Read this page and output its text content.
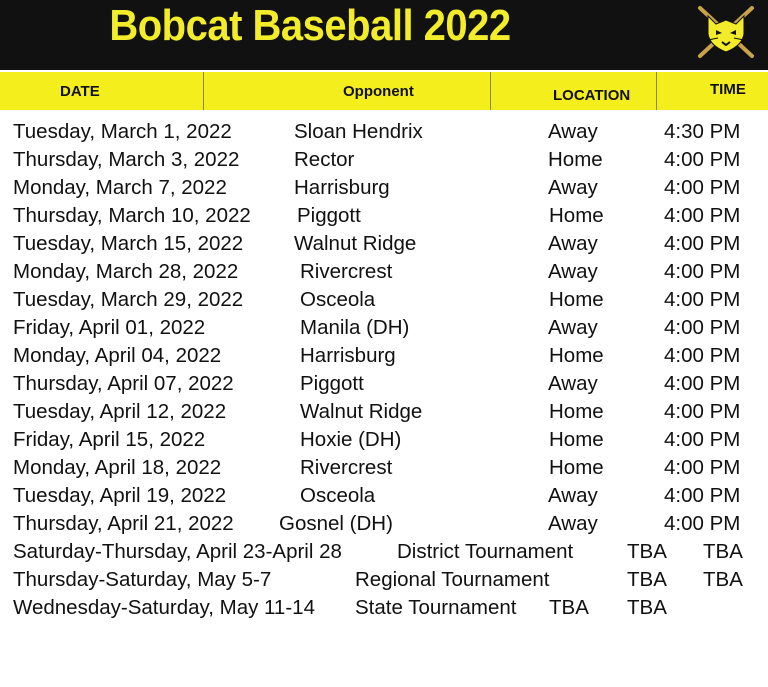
Bobcat Baseball 2022
DATE	Opponent	LOCATION	TIME
Tuesday, March 1, 2022	Sloan Hendrix	Away	4:30 PM
Thursday, March 3, 2022	Rector	Home	4:00 PM
Monday, March 7, 2022	Harrisburg	Away	4:00 PM
Thursday, March 10, 2022 Piggott	Home	4:00 PM
Tuesday, March 15, 2022 Walnut Ridge	Away	4:00 PM
Monday, March 28, 2022	Rivercrest	Away	4:00 PM
Tuesday, March 29, 2022	Osceola	Home	4:00 PM
Friday, April 01, 2022	Manila (DH)	Away	4:00 PM
Monday, April 04, 2022	Harrisburg	Home	4:00 PM
Thursday, April 07, 2022	Piggott	Away	4:00 PM
Tuesday, April 12, 2022	Walnut Ridge	Home	4:00 PM
Friday, April 15, 2022	Hoxie (DH)	Home	4:00 PM
Monday, April 18, 2022	Rivercrest	Home	4:00 PM
Tuesday, April 19, 2022	Osceola	Away	4:00 PM
Thursday, April 21, 2022 Gosnel (DH)	Away	4:00 PM
Saturday-Thursday, April 23-April 28	District Tournament	TBA TBA
Thursday-Saturday, May 5-7	Regional Tournament	TBA TBA
Wednesday-Saturday, May 11-14 State Tournament TBA TBA
